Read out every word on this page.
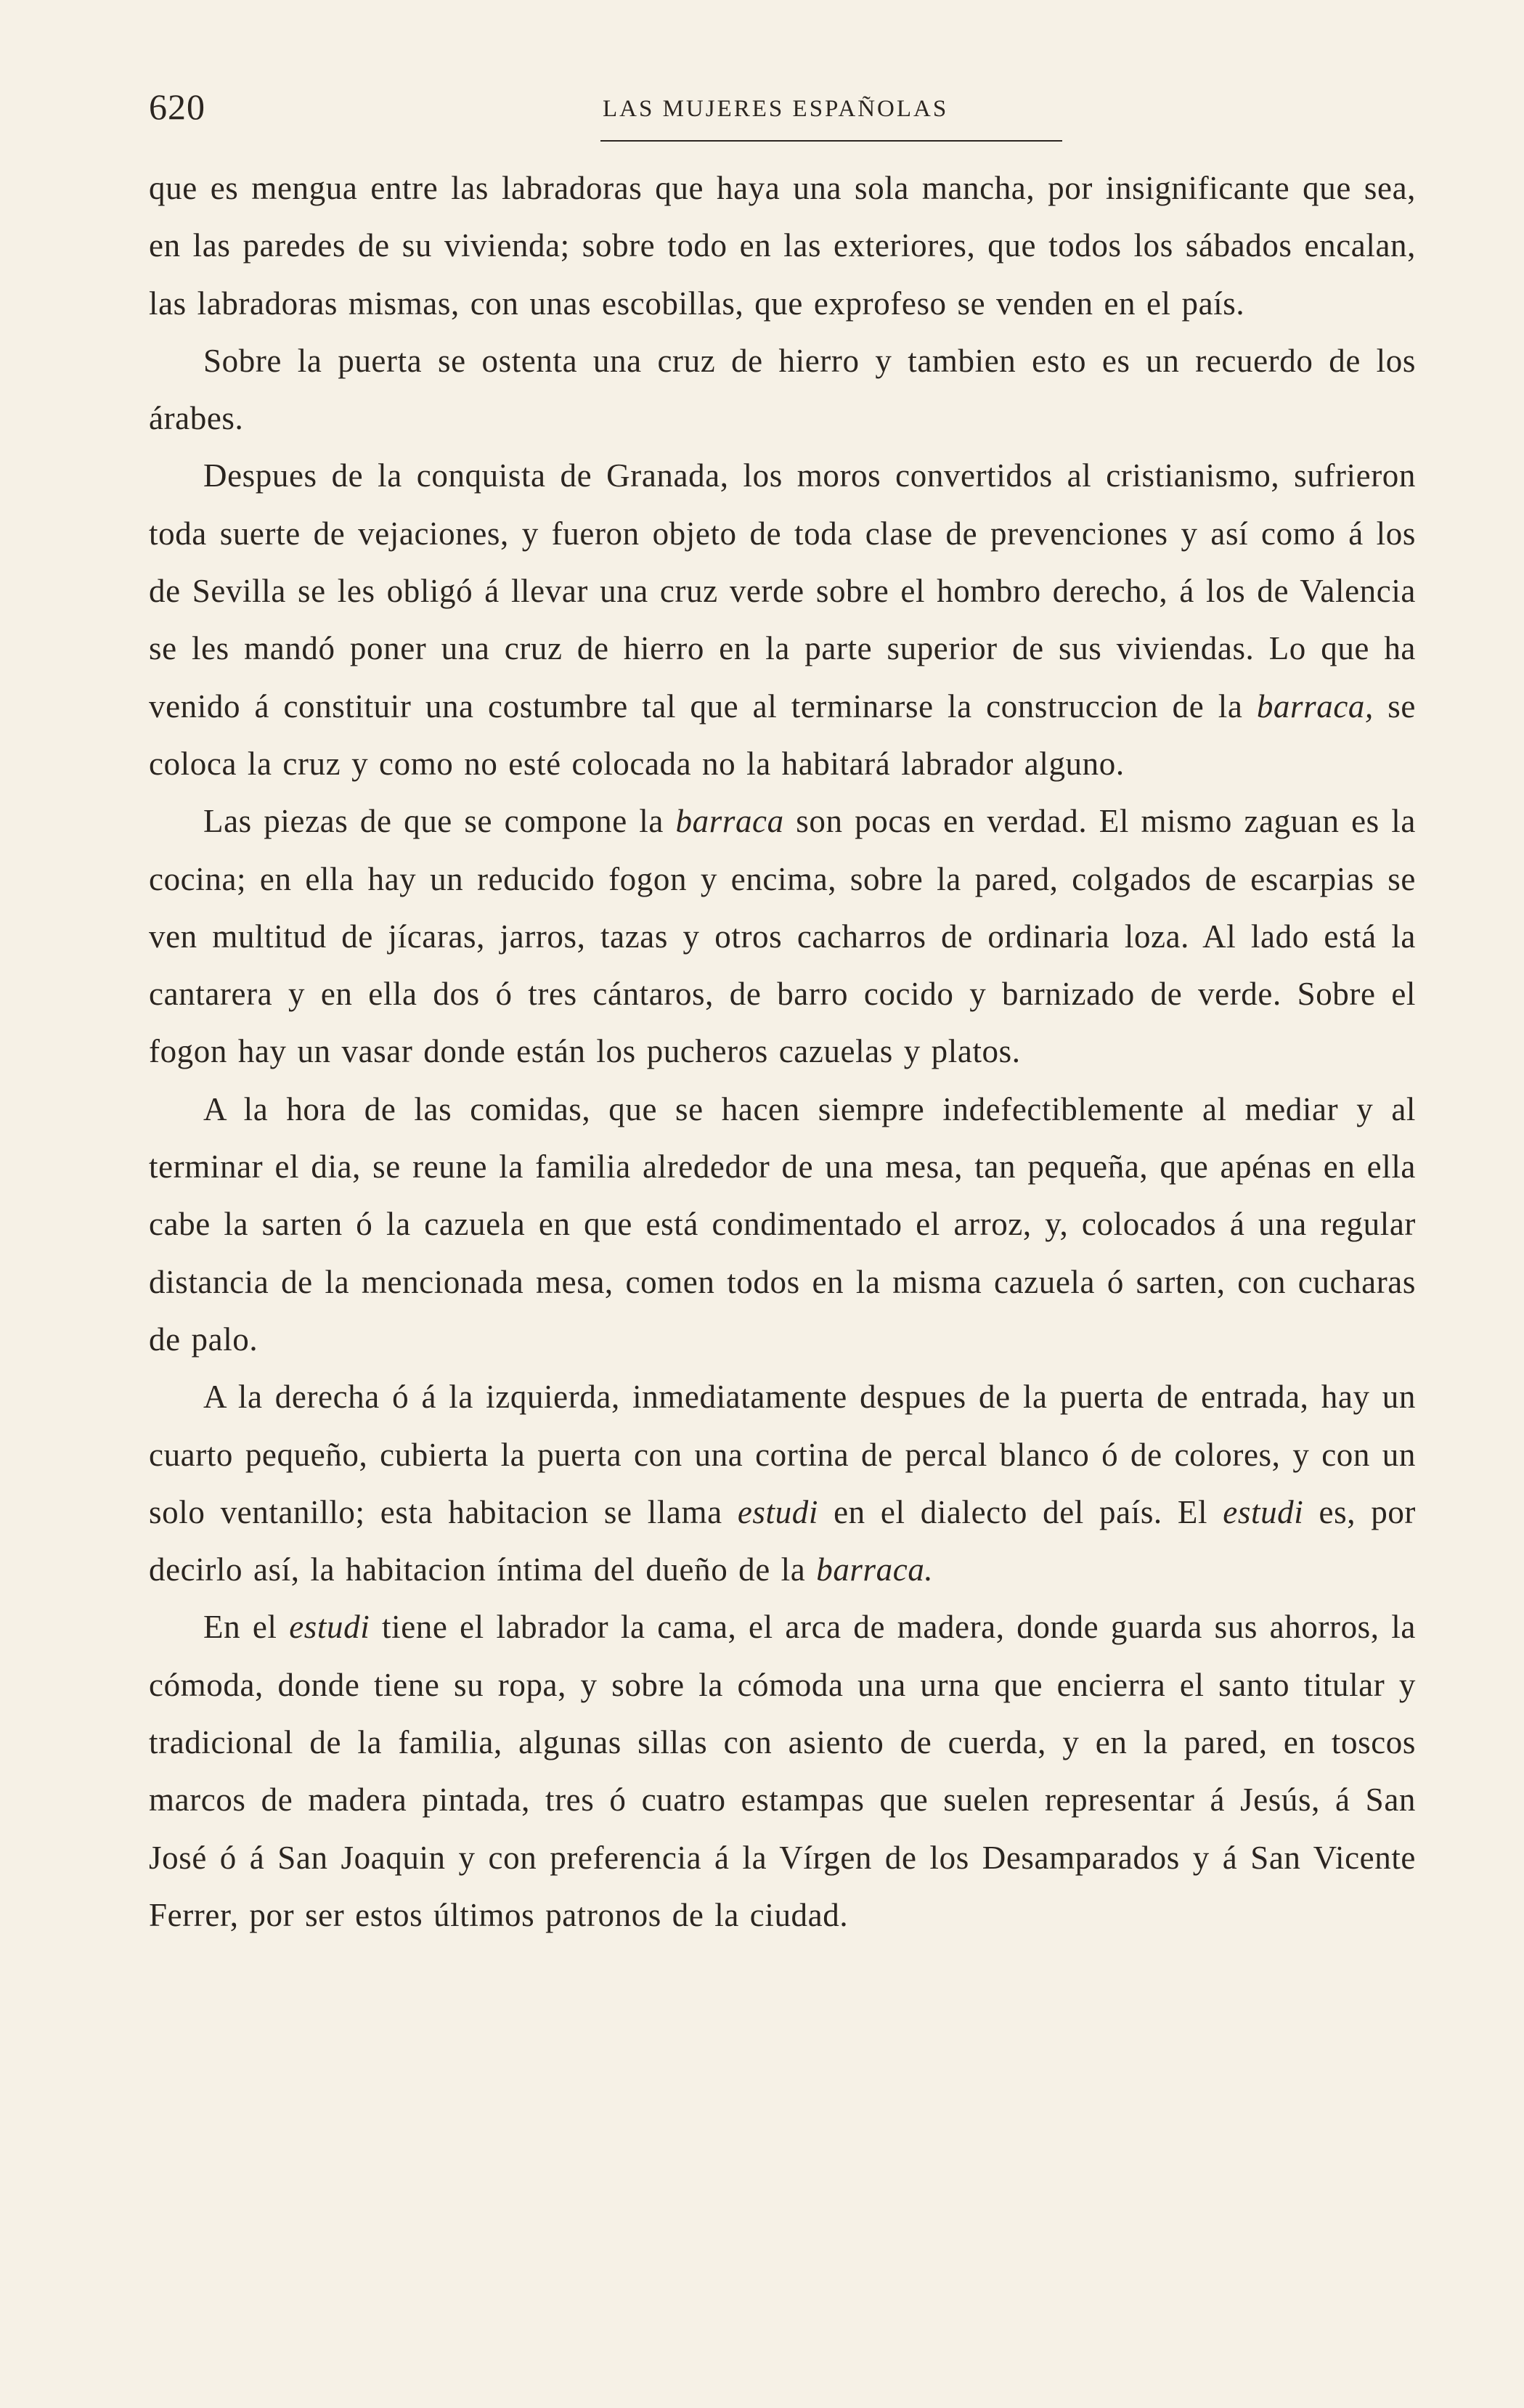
620	LAS MUJERES ESPAÑOLAS

que es mengua entre las labradoras que haya una sola mancha, por insignificante que sea, en las paredes de su vivienda; sobre todo en las exteriores, que todos los sábados encalan, las labradoras mismas, con unas escobillas, que exprofeso se venden en el país.

Sobre la puerta se ostenta una cruz de hierro y tambien esto es un recuerdo de los árabes.

Despues de la conquista de Granada, los moros convertidos al cristianismo, sufrieron toda suerte de vejaciones, y fueron objeto de toda clase de prevenciones y así como á los de Sevilla se les obligó á llevar una cruz verde sobre el hombro derecho, á los de Valencia se les mandó poner una cruz de hierro en la parte superior de sus viviendas. Lo que ha venido á constituir una costumbre tal que al terminarse la construccion de la barraca, se coloca la cruz y como no esté colocada no la habitará labrador alguno.

Las piezas de que se compone la barraca son pocas en verdad. El mismo zaguan es la cocina; en ella hay un reducido fogon y encima, sobre la pared, colgados de escarpias se ven multitud de jícaras, jarros, tazas y otros cacharros de ordinaria loza. Al lado está la cantarera y en ella dos ó tres cántaros, de barro cocido y barnizado de verde. Sobre el fogon hay un vasar donde están los pucheros cazuelas y platos.

A la hora de las comidas, que se hacen siempre indefectiblemente al mediar y al terminar el dia, se reune la familia alrededor de una mesa, tan pequeña, que apénas en ella cabe la sarten ó la cazuela en que está condimentado el arroz, y, colocados á una regular distancia de la mencionada mesa, comen todos en la misma cazuela ó sarten, con cucharas de palo.

A la derecha ó á la izquierda, inmediatamente despues de la puerta de entrada, hay un cuarto pequeño, cubierta la puerta con una cortina de percal blanco ó de colores, y con un solo ventanillo; esta habitacion se llama estudi en el dialecto del país. El estudi es, por decirlo así, la habitacion íntima del dueño de la barraca.

En el estudi tiene el labrador la cama, el arca de madera, donde guarda sus ahorros, la cómoda, donde tiene su ropa, y sobre la cómoda una urna que encierra el santo titular y tradicional de la familia, algunas sillas con asiento de cuerda, y en la pared, en toscos marcos de madera pintada, tres ó cuatro estampas que suelen representar á Jesús, á San José ó á San Joaquin y con preferencia á la Vírgen de los Desamparados y á San Vicente Ferrer, por ser estos últimos patronos de la ciudad.
